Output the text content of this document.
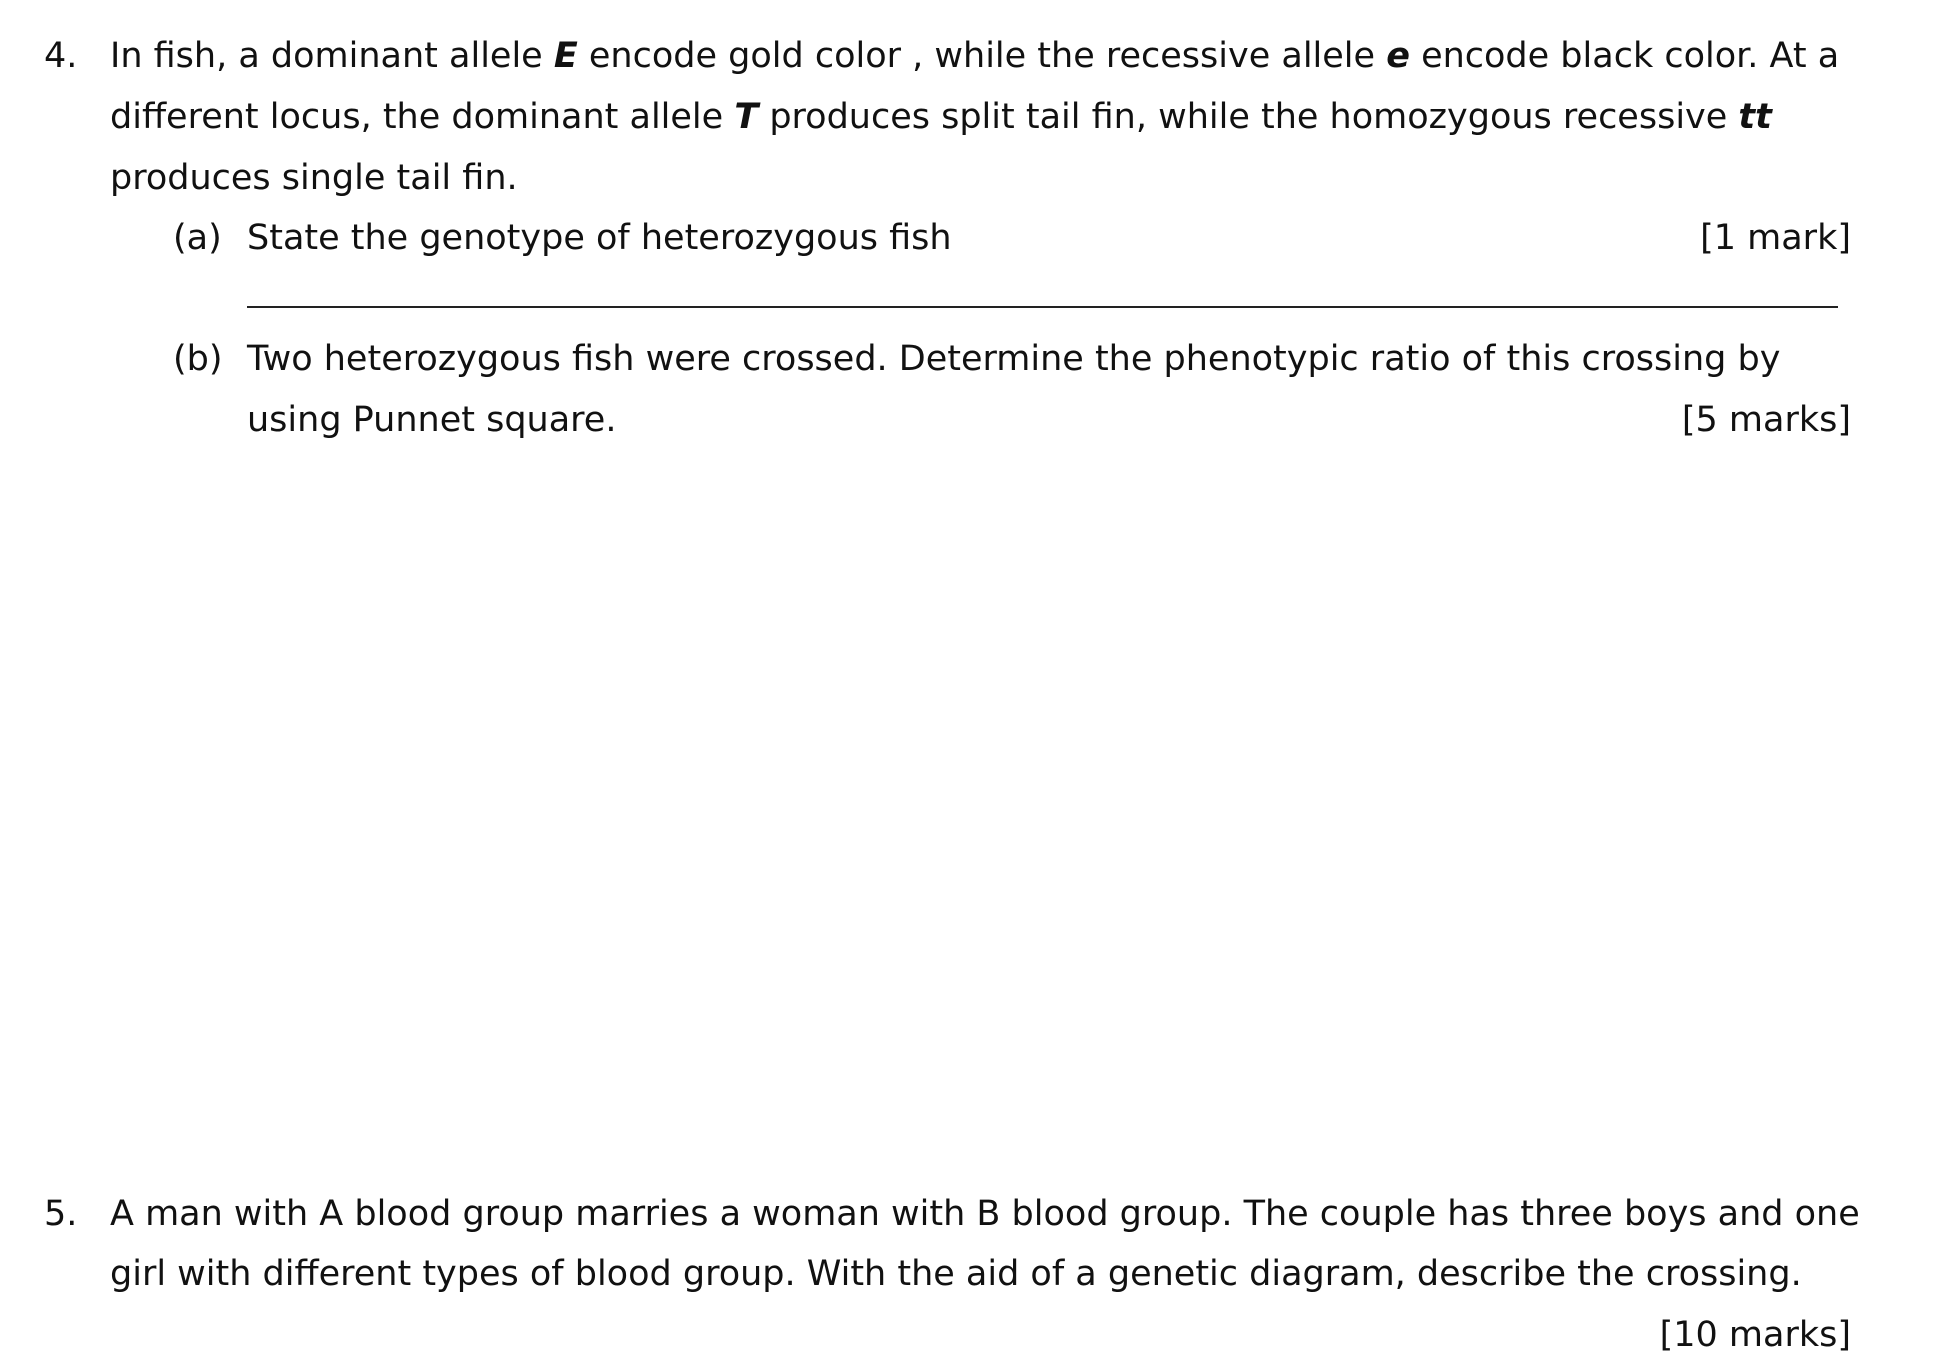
4. In fish, a dominant allele E encode gold color , while the recessive allele e encode black color. At a
different locus, the dominant allele T produces split tail fin, while the homozygous recessive tt
produces single tail fin.
(a) State the genotype of heterozygous fish	[1 mark]
(b) Two heterozygous fish were crossed. Determine the phenotypic ratio of this crossing by
using Punnet square.	[5 marks]
5. A man with A blood group marries a woman with B blood group. The couple has three boys and one
girl with different types of blood group. With the aid of a genetic diagram, describe the crossing.
[10 marks]
